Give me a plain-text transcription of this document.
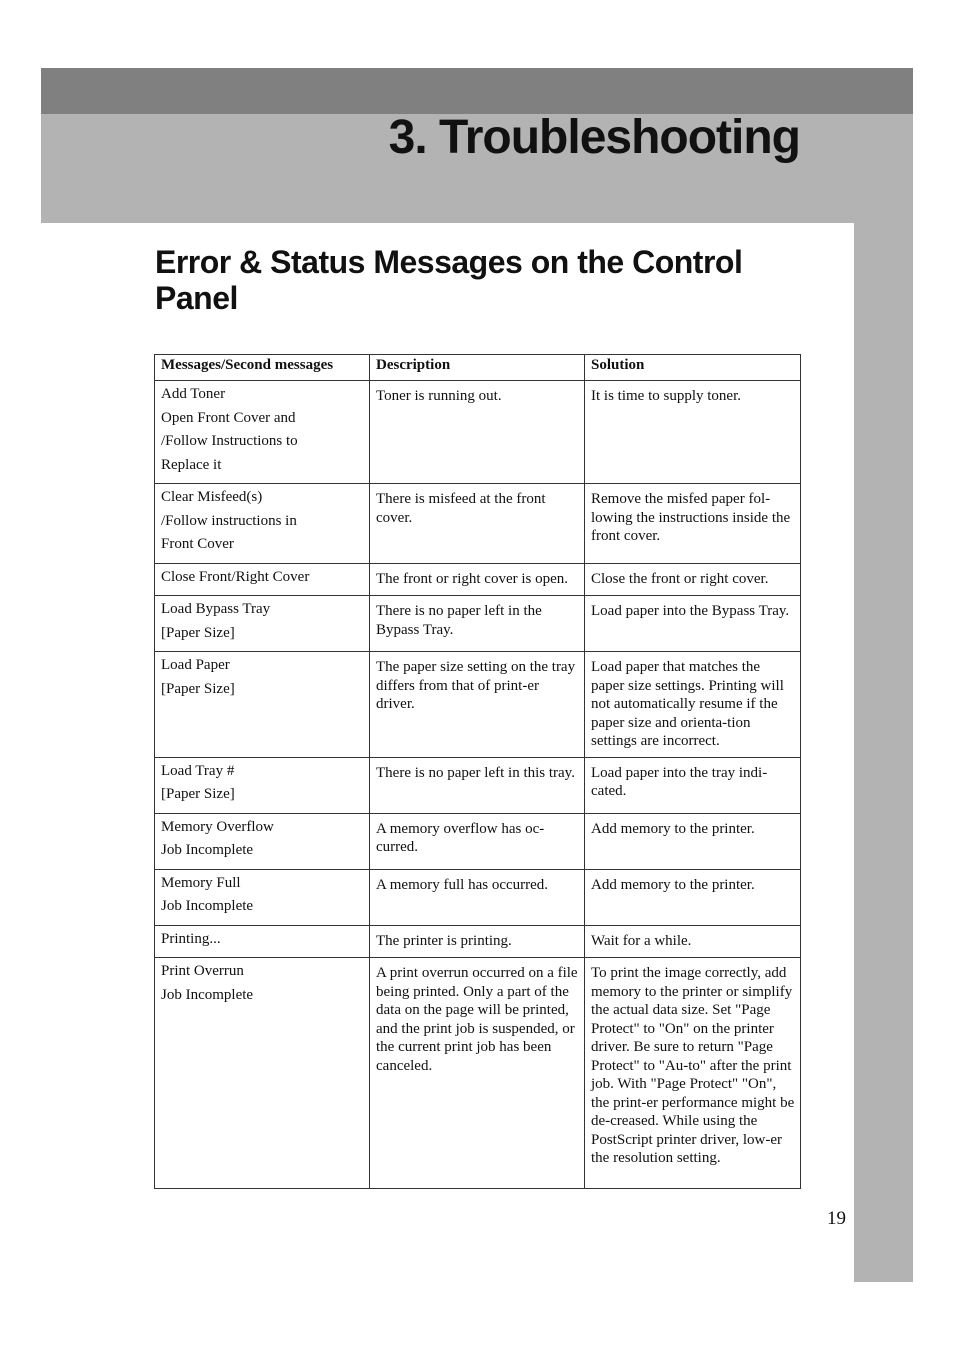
3. Troubleshooting
Error & Status Messages on the Control Panel
Messages/Second messages	Description	Solution

Add Toner
Open Front Cover and
/Follow Instructions to
Replace it	Toner is running out.	It is time to supply toner.

Clear Misfeed(s)
/Follow instructions in
Front Cover	There is misfeed at the front cover.	Remove the misfed paper fol-lowing the instructions inside the front cover.

Close Front/Right Cover	The front or right cover is open.	Close the front or right cover.

Load Bypass Tray
[Paper Size]	There is no paper left in the Bypass Tray.	Load paper into the Bypass Tray.

Load Paper
[Paper Size]	The paper size setting on the tray differs from that of print-er driver.	Load paper that matches the paper size settings. Printing will not automatically resume if the paper size and orienta-tion settings are incorrect.

Load Tray #
[Paper Size]	There is no paper left in this tray.	Load paper into the tray indi-cated.

Memory Overflow
Job Incomplete	A memory overflow has oc-curred.	Add memory to the printer.

Memory Full
Job Incomplete	A memory full has occurred.	Add memory to the printer.

Printing...	The printer is printing.	Wait for a while.

Print Overrun
Job Incomplete	A print overrun occurred on a file being printed. Only a part of the data on the page will be printed, and the print job is suspended, or the current print job has been canceled.	To print the image correctly, add memory to the printer or simplify the actual data size. Set "Page Protect" to "On" on the printer driver. Be sure to return "Page Protect" to "Au-to" after the print job. With "Page Protect" "On", the print-er performance might be de-creased. While using the PostScript printer driver, low-er the resolution setting.
19
